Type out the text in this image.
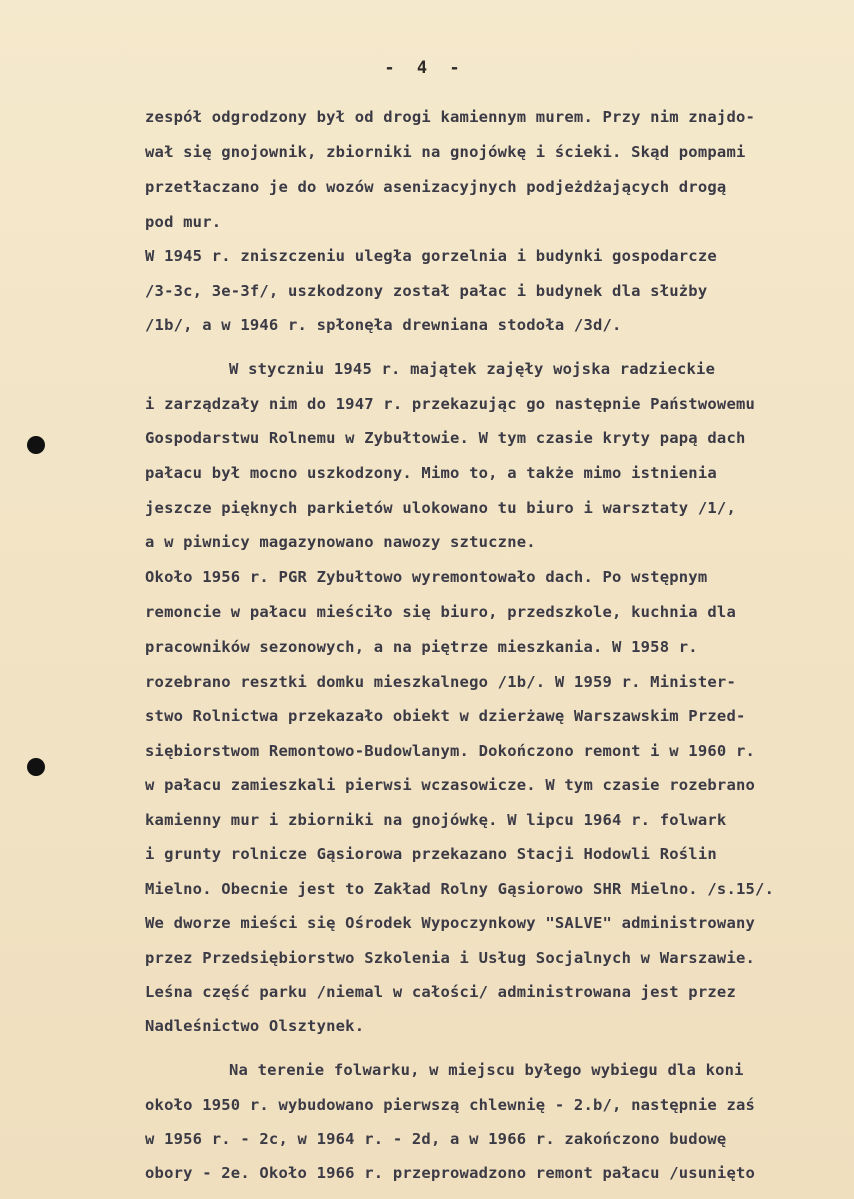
- 4 -
zespół odgrodzony był od drogi kamiennym murem. Przy nim znajdo-
wał się gnojownik, zbiorniki na gnojówkę i ścieki. Skąd pompami
przetłaczano je do wozów asenizacyjnych podjeżdżających drogą
pod mur.
W 1945 r. zniszczeniu uległa gorzelnia i budynki gospodarcze
/3-3c, 3e-3f/, uszkodzony został pałac i budynek dla służby
/1b/, a w 1946 r. spłonęła drewniana stodoła /3d/.
W styczniu 1945 r. majątek zajęły wojska radzieckie
i zarządzały nim do 1947 r. przekazując go następnie Państwowemu
Gospodarstwu Rolnemu w Zybułtowie. W tym czasie kryty papą dach
pałacu był mocno uszkodzony. Mimo to, a także mimo istnienia
jeszcze pięknych parkietów ulokowano tu biuro i warsztaty /1/,
a w piwnicy magazynowano nawozy sztuczne.
Około 1956 r. PGR Zybułtowo wyremontowało dach. Po wstępnym
remoncie w pałacu mieściło się biuro, przedszkole, kuchnia dla
pracowników sezonowych, a na piętrze mieszkania. W 1958 r.
rozebrano resztki domku mieszkalnego /1b/. W 1959 r. Minister-
stwo Rolnictwa przekazało obiekt w dzierżawę Warszawskim Przed-
siębiorstwom Remontowo-Budowlanym. Dokończono remont i w 1960 r.
w pałacu zamieszkali pierwsi wczasowicze. W tym czasie rozebrano
kamienny mur i zbiorniki na gnojówkę. W lipcu 1964 r. folwark
i grunty rolnicze Gąsiorowa przekazano Stacji Hodowli Roślin
Mielno. Obecnie jest to Zakład Rolny Gąsiorowo SHR Mielno. /s.15/.
We dworze mieści się Ośrodek Wypoczynkowy "SALVE" administrowany
przez Przedsiębiorstwo Szkolenia i Usług Socjalnych w Warszawie.
Leśna część parku /niemal w całości/ administrowana jest przez
Nadleśnictwo Olsztynek.
Na terenie folwarku, w miejscu byłego wybiegu dla koni
około 1950 r. wybudowano pierwszą chlewnię - 2.b/, następnie zaś
w 1956 r. - 2c, w 1964 r. - 2d, a w 1966 r. zakończono budowę
obory - 2e. Około 1966 r. przeprowadzono remont pałacu /usunięto
